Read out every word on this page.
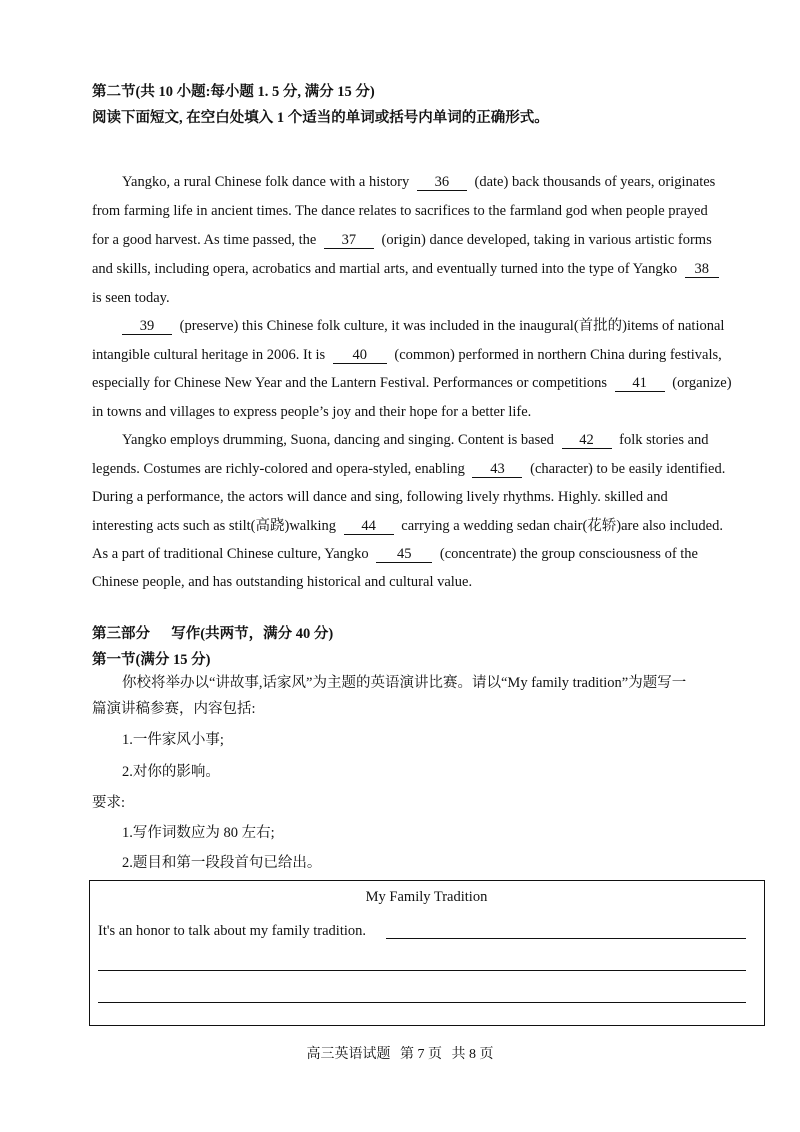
第二节(共 10 小题:每小题 1. 5 分, 满分 15 分)
阅读下面短文, 在空白处填入 1 个适当的单词或括号内单词的正确形式。
Yangko, a rural Chinese folk dance with a history 36 (date) back thousands of years, originates
from farming life in ancient times. The dance relates to sacrifices to the farmland god when people prayed
for a good harvest. As time passed, the 37 (origin) dance developed, taking in various artistic forms
and skills, including opera, acrobatics and martial arts, and eventually turned into the type of Yangko 38
is seen today.
39 (preserve) this Chinese folk culture, it was included in the inaugural(首批的)items of national
intangible cultural heritage in 2006. It is 40 (common) performed in northern China during festivals,
especially for Chinese New Year and the Lantern Festival. Performances or competitions 41 (organize)
in towns and villages to express people’s joy and their hope for a better life.
Yangko employs drumming, Suona, dancing and singing. Content is based 42 folk stories and
legends. Costumes are richly-colored and opera-styled, enabling 43 (character) to be easily identified.
During a performance, the actors will dance and sing, following lively rhythms. Highly. skilled and
interesting acts such as stilt(高跷)walking 44 carrying a wedding sedan chair(花轿)are also included.
As a part of traditional Chinese culture, Yangko 45 (concentrate) the group consciousness of the
Chinese people, and has outstanding historical and cultural value.
第三部分 写作(共两节，满分 40 分)
第一节(满分 15 分)
你校将举办以“讲故事,话家风”为主题的英语演讲比赛。请以“My family tradition”为题写一
篇演讲稿参赛，内容包括:
1.一件家风小事;
2.对你的影响。
要求:
1.写作词数应为 80 左右;
2.题目和第一段段首句已给出。
My Family Tradition
It's an honor to talk about my family tradition.
高三英语试题 第 7 页 共 8 页
